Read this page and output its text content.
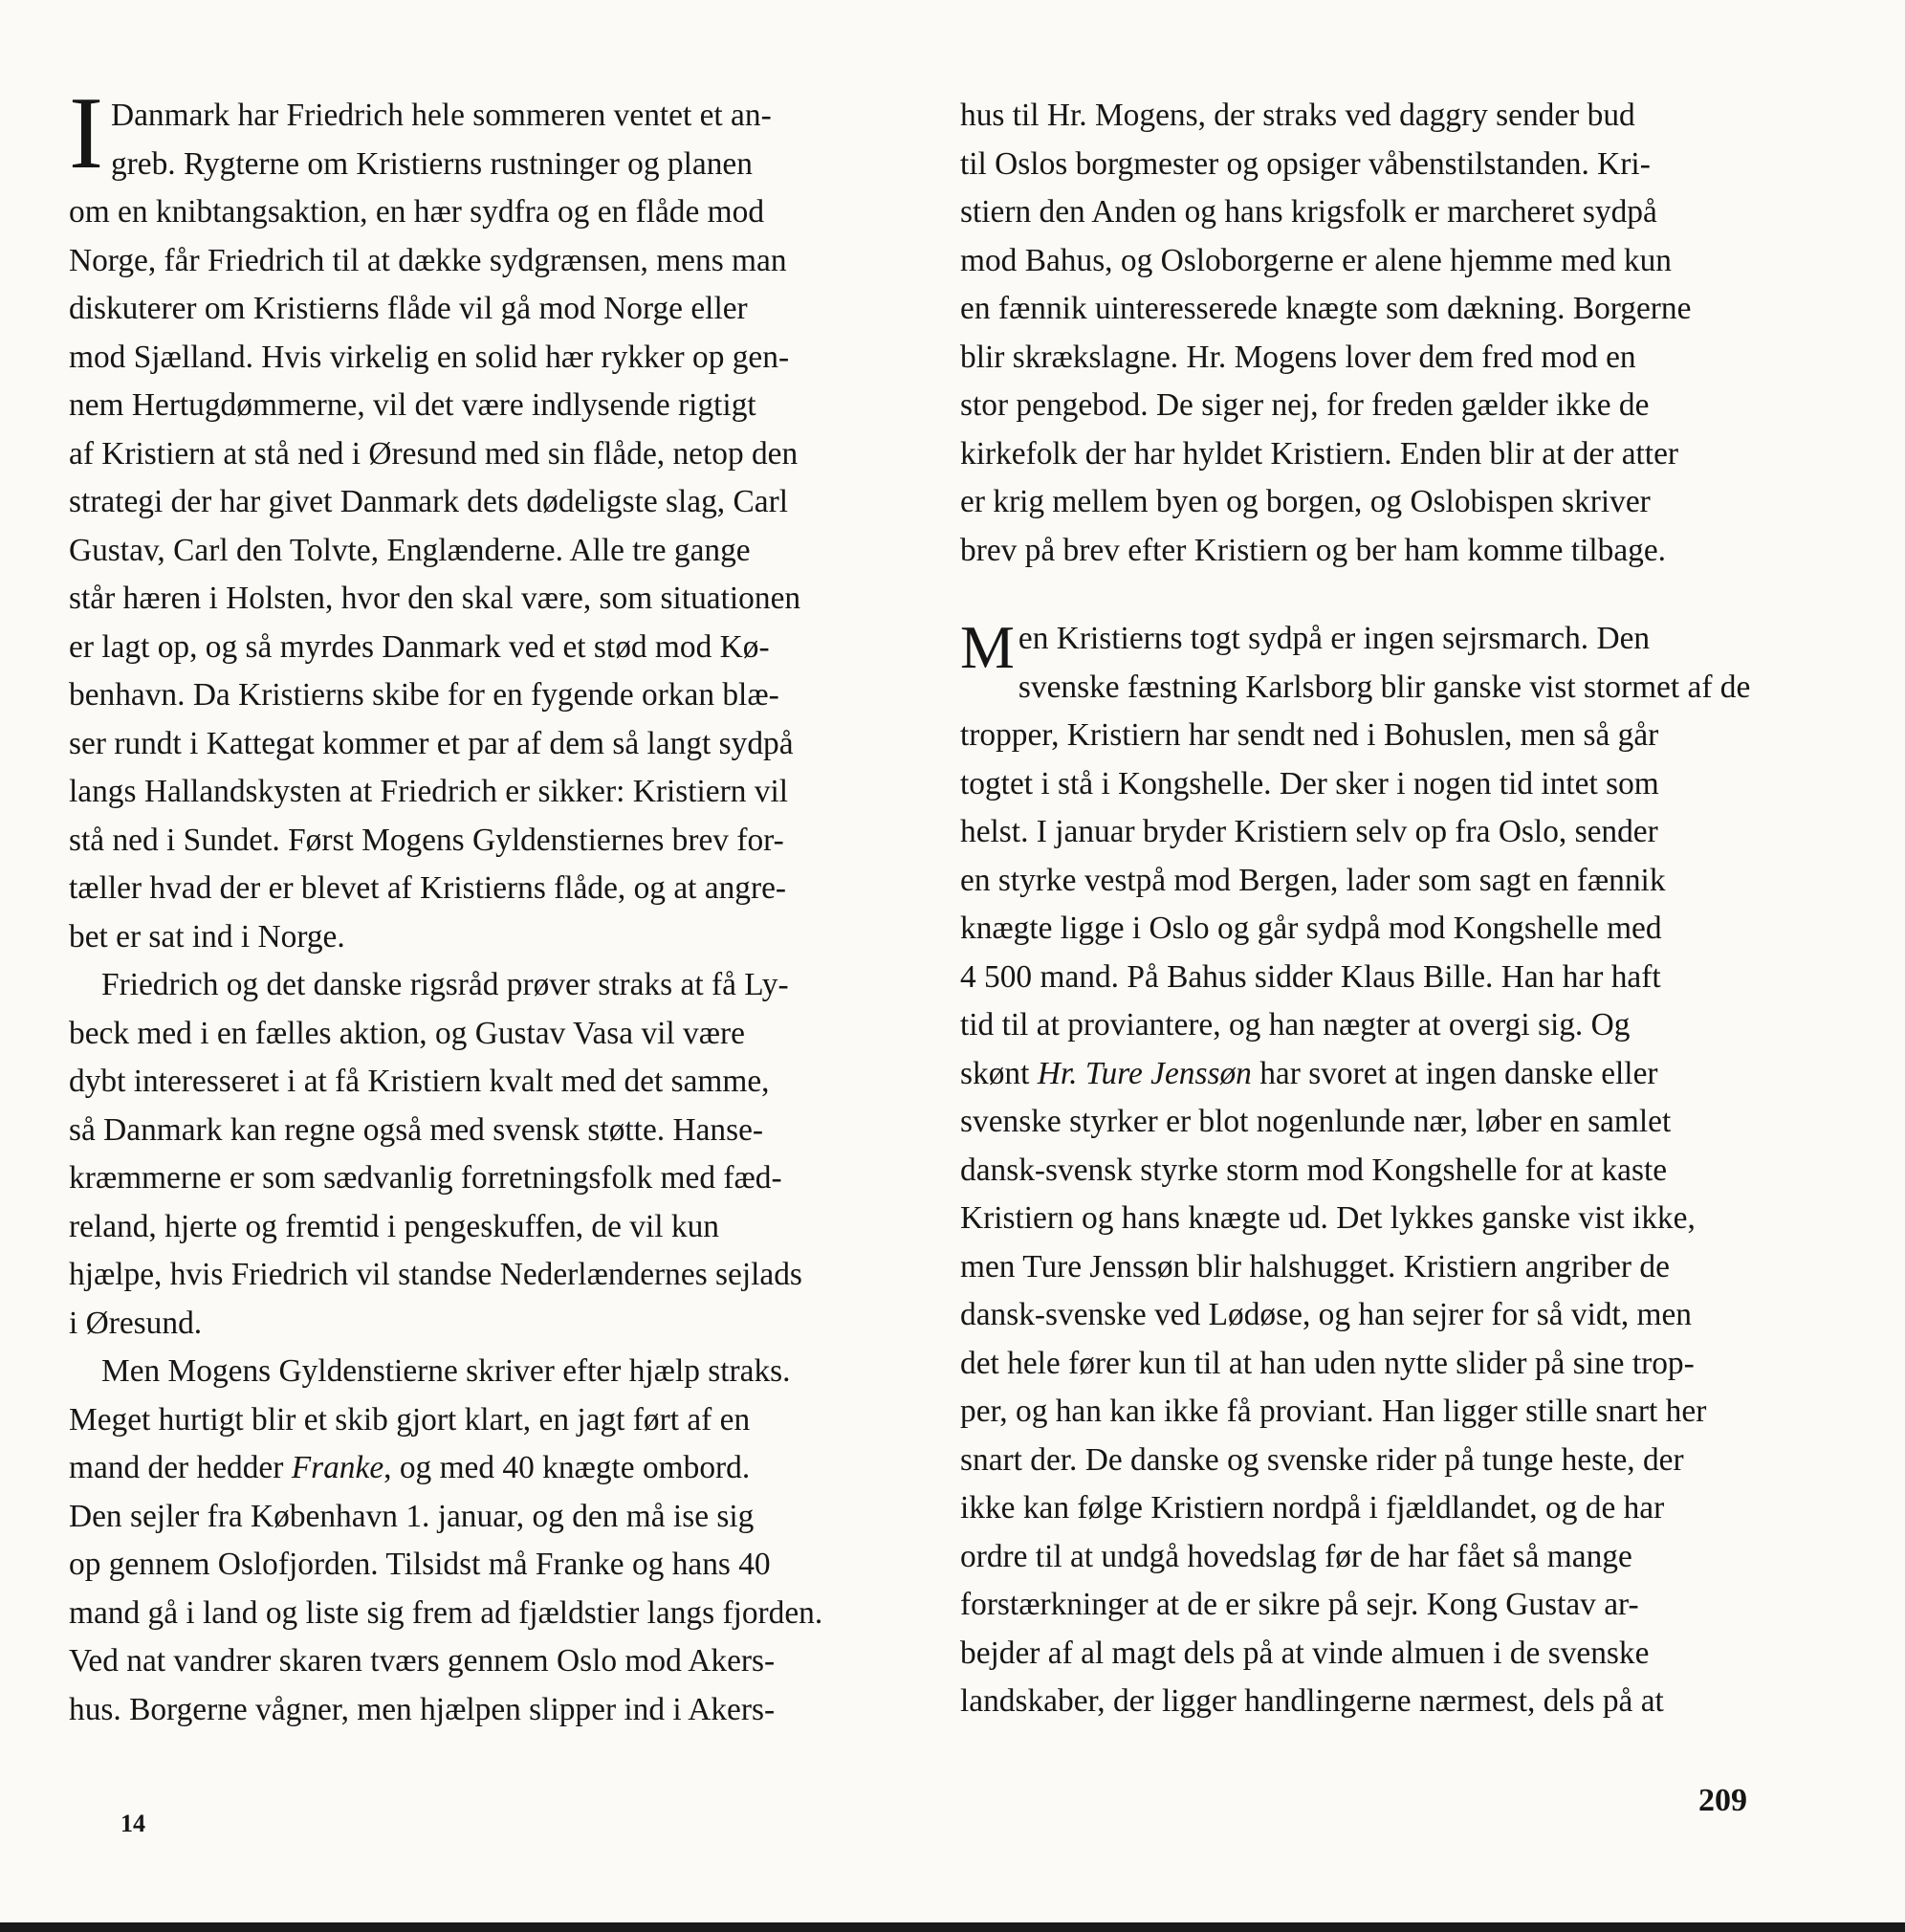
I Danmark har Friedrich hele sommeren ventet et an-
greb. Rygterne om Kristierns rustninger og planen
om en knibtangsaktion, en hær sydfra og en flåde mod
Norge, får Friedrich til at dække sydgrænsen, mens man
diskuterer om Kristierns flåde vil gå mod Norge eller
mod Sjælland. Hvis virkelig en solid hær rykker op gen-
nem Hertugdømmerne, vil det være indlysende rigtigt
af Kristiern at stå ned i Øresund med sin flåde, netop den
strategi der har givet Danmark dets dødeligste slag, Carl
Gustav, Carl den Tolvte, Englænderne. Alle tre gange
står hæren i Holsten, hvor den skal være, som situationen
er lagt op, og så myrdes Danmark ved et stød mod Kø-
benhavn. Da Kristierns skibe for en fygende orkan blæ-
ser rundt i Kattegat kommer et par af dem så langt sydpå
langs Hallandskysten at Friedrich er sikker: Kristiern vil
stå ned i Sundet. Først Mogens Gyldenstiernes brev for-
tæller hvad der er blevet af Kristierns flåde, og at angre-
bet er sat ind i Norge.

Friedrich og det danske rigsråd prøver straks at få Ly-
beck med i en fælles aktion, og Gustav Vasa vil være
dybt interesseret i at få Kristiern kvalt med det samme,
så Danmark kan regne også med svensk støtte. Hanse-
kræmmerne er som sædvanlig forretningsfolk med fæd-
reland, hjerte og fremtid i pengeskuffen, de vil kun
hjælpe, hvis Friedrich vil standse Nederlændernes sejlads
i Øresund.

Men Mogens Gyldenstierne skriver efter hjælp straks.
Meget hurtigt blir et skib gjort klart, en jagt ført af en
mand der hedder Franke, og med 40 knægte ombord.
Den sejler fra København 1. januar, og den må ise sig
op gennem Oslofjorden. Tilsidst må Franke og hans 40
mand gå i land og liste sig frem ad fjældstier langs fjorden.
Ved nat vandrer skaren tværs gennem Oslo mod Akers-
hus. Borgerne vågner, men hjælpen slipper ind i Akers-

hus til Hr. Mogens, der straks ved daggry sender bud
til Oslos borgmester og opsiger våbenstilstanden. Kri-
stiern den Anden og hans krigsfolk er marcheret sydpå
mod Bahus, og Osloborgerne er alene hjemme med kun
en fænnik uinteresserede knægte som dækning. Borgerne
blir skrækslagne. Hr. Mogens lover dem fred mod en
stor pengebod. De siger nej, for freden gælder ikke de
kirkefolk der har hyldet Kristiern. Enden blir at der atter
er krig mellem byen og borgen, og Oslobispen skriver
brev på brev efter Kristiern og ber ham komme tilbage.

Men Kristierns togt sydpå er ingen sejrsmarch. Den
svenske fæstning Karlsborg blir ganske vist stormet af de
tropper, Kristiern har sendt ned i Bohuslen, men så går
togtet i stå i Kongshelle. Der sker i nogen tid intet som
helst. I januar bryder Kristiern selv op fra Oslo, sender
en styrke vestpå mod Bergen, lader som sagt en fænnik
knægte ligge i Oslo og går sydpå mod Kongshelle med
4 500 mand. På Bahus sidder Klaus Bille. Han har haft
tid til at proviantere, og han nægter at overgi sig. Og
skønt Hr. Ture Jenssøn har svoret at ingen danske eller
svenske styrker er blot nogenlunde nær, løber en samlet
dansk-svensk styrke storm mod Kongshelle for at kaste
Kristiern og hans knægte ud. Det lykkes ganske vist ikke,
men Ture Jenssøn blir halshugget. Kristiern angriber de
dansk-svenske ved Lødøse, og han sejrer for så vidt, men
det hele fører kun til at han uden nytte slider på sine trop-
per, og han kan ikke få proviant. Han ligger stille snart her
snart der. De danske og svenske rider på tunge heste, der
ikke kan følge Kristiern nordpå i fjældlandet, og de har
ordre til at undgå hovedslag før de har fået så mange
forstærkninger at de er sikre på sejr. Kong Gustav ar-
bejder af al magt dels på at vinde almuen i de svenske
landskaber, der ligger handlingerne nærmest, dels på at

14
209
